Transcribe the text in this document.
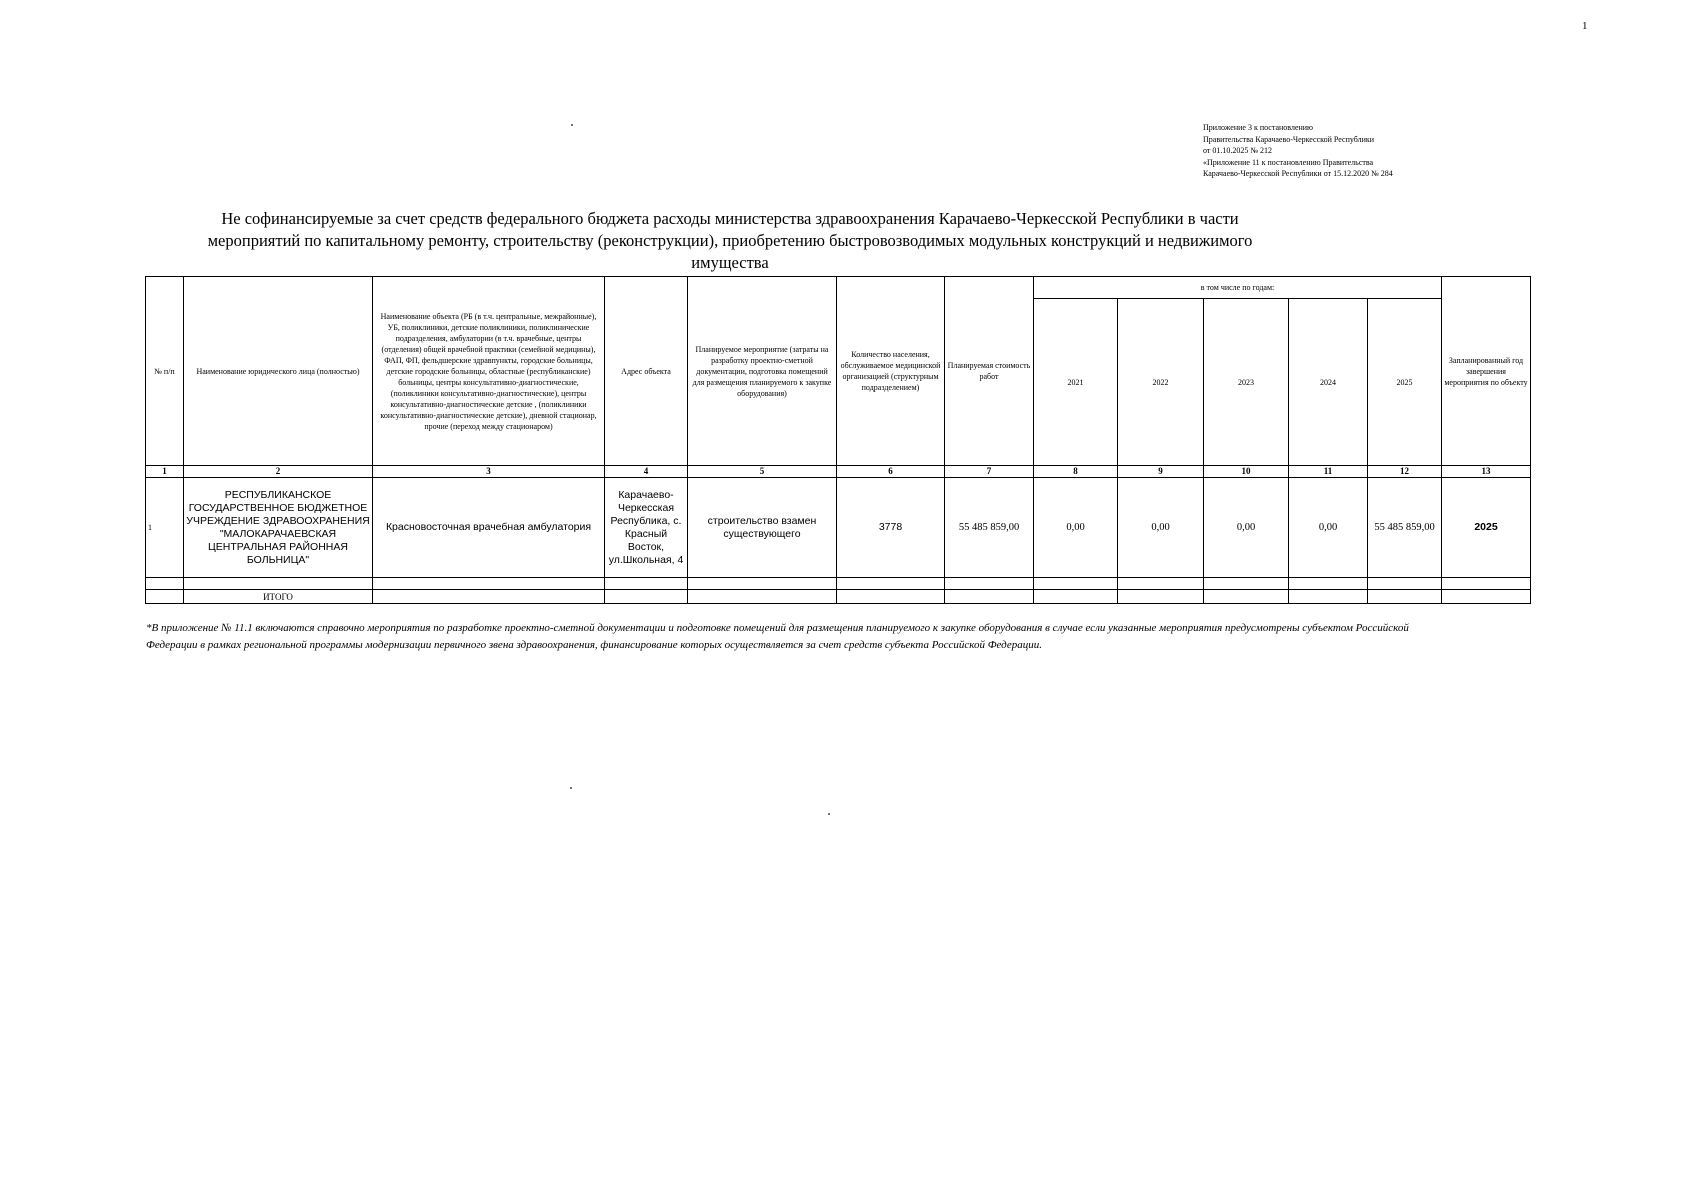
1
Приложение 3 к постановлению
Правительства Карачаево-Черкесской Республики
от 01.10.2025 № 212
«Приложение 11 к постановлению Правительства
Карачаево-Черкесской Республики от 15.12.2020 № 284
Не софинансируемые за счет средств федерального бюджета расходы министерства здравоохранения Карачаево-Черкесской Республики в части
мероприятий по капитальному ремонту, строительству (реконструкции), приобретению быстровозводимых модульных конструкций и недвижимого
имущества
№ п/п	Наименование юридического лица (полностью)	Наименование объекта (РБ (в т.ч. центральные, межрайонные), УБ, поликлиники, детские поликлиники, поликлинические подразделения, амбулатории (в т.ч. врачебные, центры (отделения) общей врачебной практики (семейной медицины), ФАП, ФП, фельдшерские здравпункты, городские больницы, детские городские больницы, областные (республиканские) больницы, центры консультативно-диагностические, (поликлиники консультативно-диагностические), центры консультативно-диагностические детские , (поликлиники консультативно-диагностические детские), дневной стационар, прочие (переход между стационаром)	Адрес объекта	Планируемое мероприятие (затраты на разработку проектно-сметной документации, подготовка помещений для размещения планируемого к закупке оборудования)	Количество населения, обслуживаемое медицинской организацией (структурным подразделением)	Планируемая стоимость работ	в том числе по годам:					Запланированный год завершения мероприятия по объекту
							2021	2022	2023	2024	2025	
1	2	3	4	5	6	7	8	9	10	11	12	13
1	РЕСПУБЛИКАНСКОЕ ГОСУДАРСТВЕННОЕ БЮДЖЕТНОЕ УЧРЕЖДЕНИЕ ЗДРАВООХРАНЕНИЯ "МАЛОКАРАЧАЕВСКАЯ ЦЕНТРАЛЬНАЯ РАЙОННАЯ БОЛЬНИЦА"	Красновосточная врачебная амбулатория	Карачаево-Черкесская Республика, с. Красный Восток, ул.Школьная, 4	строительство взамен существующего	3778	55 485 859,00	0,00	0,00	0,00	0,00	55 485 859,00	2025

	ИТОГО											
*В приложение № 11.1 включаются справочно мероприятия по разработке проектно-сметной документации и подготовке помещений для размещения планируемого к закупке оборудования в случае если указанные мероприятия предусмотрены субъектом Российской Федерации в рамках региональной программы модернизации первичного звена здравоохранения, финансирование которых осуществляется за счет средств субъекта Российской Федерации.
